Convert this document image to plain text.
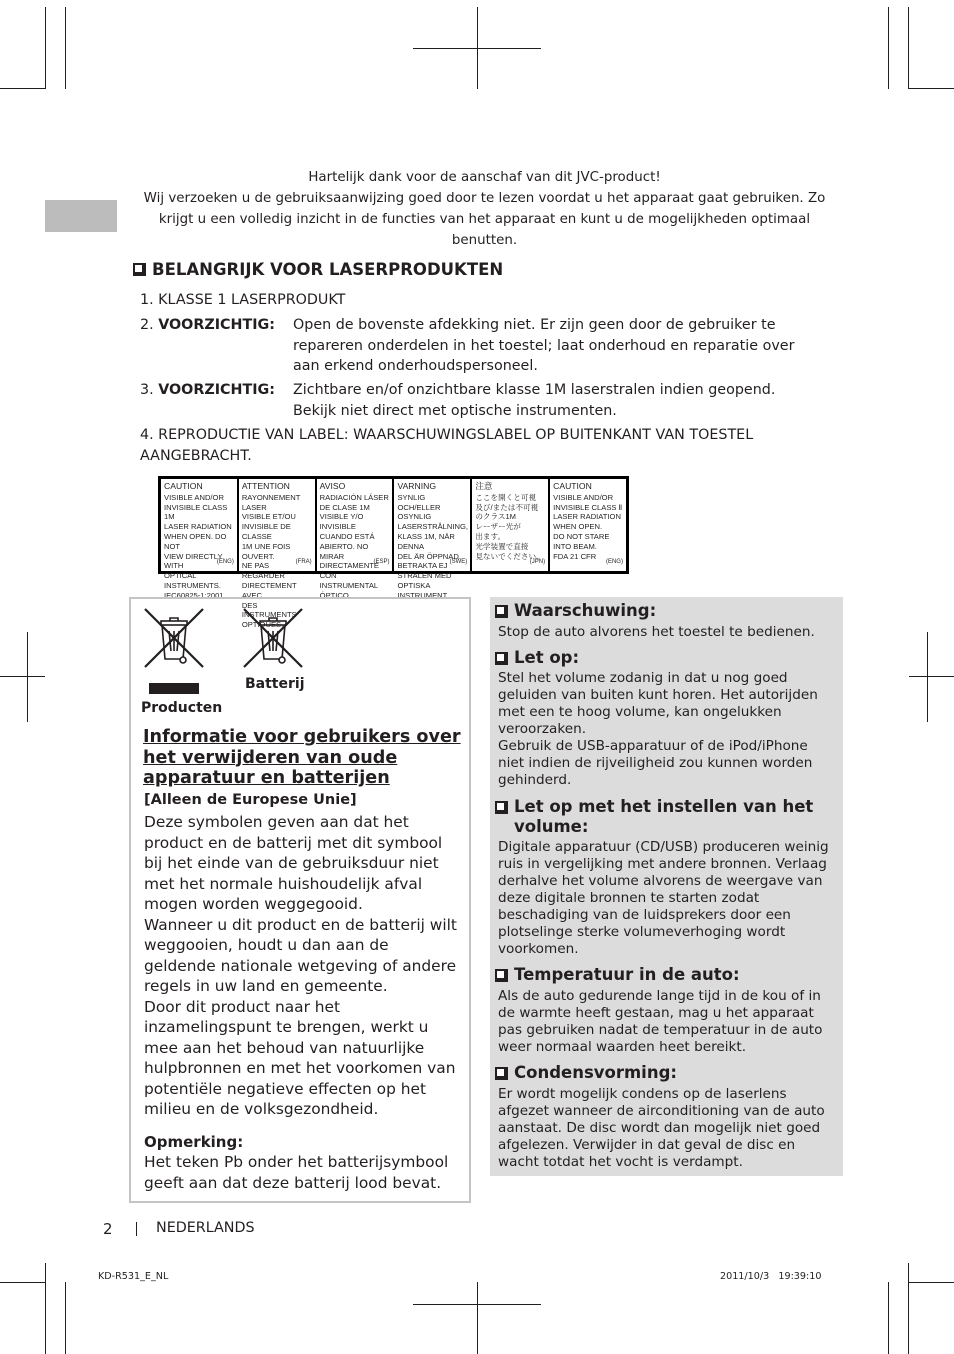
Hartelijk dank voor de aanschaf van dit JVC-product!
Wij verzoeken u de gebruiksaanwijzing goed door te lezen voordat u het apparaat gaat gebruiken. Zo
krijgt u een volledig inzicht in de functies van het apparaat en kunt u de mogelijkheden optimaal
benutten.
BELANGRIJK VOOR LASERPRODUKTEN
1. KLASSE 1 LASERPRODUKT
2. VOORZICHTIG: Open de bovenste afdekking niet. Er zijn geen door de gebruiker te
repareren onderdelen in het toestel; laat onderhoud en reparatie over
aan erkend onderhoudspersoneel.
3. VOORZICHTIG: Zichtbare en/of onzichtbare klasse 1M laserstralen indien geopend.
Bekijk niet direct met optische instrumenten.
4. REPRODUCTIE VAN LABEL: WAARSCHUWINGSLABEL OP BUITENKANT VAN TOESTEL
AANGEBRACHT.
CAUTION
VISIBLE AND/OR
INVISIBLE CLASS 1M
LASER RADIATION
WHEN OPEN. DO NOT
VIEW DIRECTLY WITH
OPTICAL INSTRUMENTS.
IEC60825-1:2001
(ENG)
ATTENTION
RAYONNEMENT LASER
VISIBLE ET/OU
INVISIBLE DE CLASSE
1M UNE FOIS OUVERT.
NE PAS REGARDER
DIRECTEMENT AVEC
DES INSTRUMENTS
OPTIQUES.
(FRA)
AVISO
RADIACIÓN LÁSER
DE CLASE 1M
VISIBLE Y/O INVISIBLE
CUANDO ESTÁ
ABIERTO. NO MIRAR
DIRECTAMENTE
CON INSTRUMENTAL
ÓPTICO.
(ESP)
VARNING
SYNLIG OCH/ELLER
OSYNLIG
LASERSTRÅLNING,
KLASS 1M, NÄR DENNA
DEL ÄR ÖPPNAD.
BETRAKTA EJ
STRÅLEN MED OPTISKA
INSTRUMENT.
(SWE)
注意
ここを開くと可視
及び/または不可視
のクラス1M
レーザー光が
出ます。
光学装置で直接
見ないでください。
(JPN)
CAUTION
VISIBLE AND/OR
INVISIBLE CLASS Ⅱ
LASER RADIATION
WHEN OPEN.
DO NOT STARE
INTO BEAM.
FDA 21 CFR
(ENG)
Producten
Batterij
Informatie voor gebruikers over
het verwijderen van oude
apparatuur en batterijen
[Alleen de Europese Unie]

Deze symbolen geven aan dat het product en de batterij met dit symbool bij het einde van de gebruiksduur niet met het normale huishoudelijk afval mogen worden weggegooid.

Wanneer u dit product en de batterij wilt weggooien, houdt u dan aan de geldende nationale wetgeving of andere regels in uw land en gemeente.

Door dit product naar het inzamelingspunt te brengen, werkt u mee aan het behoud van natuurlijke hulpbronnen en met het voorkomen van potentiële negatieve effecten op het milieu en de volksgezondheid.

Opmerking:
Het teken Pb onder het batterijsymbool geeft aan dat deze batterij lood bevat.
Waarschuwing:
Stop de auto alvorens het toestel te bedienen.
Let op:
Stel het volume zodanig in dat u nog goed geluiden van buiten kunt horen. Het autorijden met een te hoog volume, kan ongelukken veroorzaken.
Gebruik de USB-apparatuur of de iPod/iPhone niet indien de rijveiligheid zou kunnen worden gehinderd.
Let op met het instellen van het
volume:
Digitale apparatuur (CD/USB) produceren weinig ruis in vergelijking met andere bronnen. Verlaag derhalve het volume alvorens de weergave van deze digitale bronnen te starten zodat beschadiging van de luidsprekers door een plotselinge sterke volumeverhoging wordt voorkomen.
Temperatuur in de auto:
Als de auto gedurende lange tijd in de kou of in de warmte heeft gestaan, mag u het apparaat pas gebruiken nadat de temperatuur in de auto weer normaal waarden heet bereikt.
Condensvorming:
Er wordt mogelijk condens op de laserlens afgezet wanneer de airconditioning van de auto aanstaat. De disc wordt dan mogelijk niet goed afgelezen. Verwijder in dat geval de disc en wacht totdat het vocht is verdampt.
2	NEDERLANDS
KD-R531_E_NL	2011/10/3 19:39:10
